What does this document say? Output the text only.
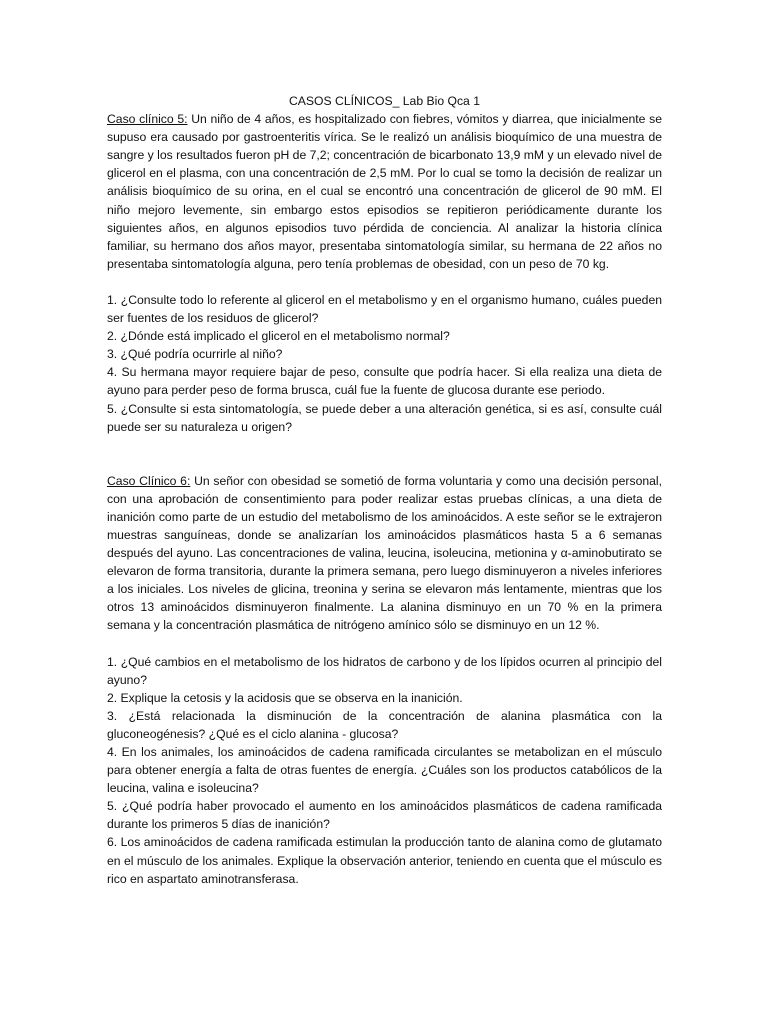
CASOS CLÍNICOS_ Lab Bio Qca 1

Caso clínico 5: Un niño de 4 años, es hospitalizado con fiebres, vómitos y diarrea, que inicialmente se supuso era causado por gastroenteritis vírica. Se le realizó un análisis bioquímico de una muestra de sangre y los resultados fueron pH de 7,2; concentración de bicarbonato 13,9 mM y un elevado nivel de glicerol en el plasma, con una concentración de 2,5 mM. Por lo cual se tomo la decisión de realizar un análisis bioquímico de su orina, en el cual se encontró una concentración de glicerol de 90 mM. El niño mejoro levemente, sin embargo estos episodios se repitieron periódicamente durante los siguientes años, en algunos episodios tuvo pérdida de conciencia. Al analizar la historia clínica familiar, su hermano dos años mayor, presentaba sintomatología similar, su hermana de 22 años no presentaba sintomatología alguna, pero tenía problemas de obesidad, con un peso de 70 kg.

1. ¿Consulte todo lo referente al glicerol en el metabolismo y en el organismo humano, cuáles pueden ser fuentes de los residuos de glicerol?
2. ¿Dónde está implicado el glicerol en el metabolismo normal?
3. ¿Qué podría ocurrirle al niño?
4. Su hermana mayor requiere bajar de peso, consulte que podría hacer. Si ella realiza una dieta de ayuno para perder peso de forma brusca, cuál fue la fuente de glucosa durante ese periodo.
5. ¿Consulte si esta sintomatología, se puede deber a una alteración genética, si es así, consulte cuál puede ser su naturaleza u origen?

Caso Clínico 6: Un señor con obesidad se sometió de forma voluntaria y como una decisión personal, con una aprobación de consentimiento para poder realizar estas pruebas clínicas, a una dieta de inanición como parte de un estudio del metabolismo de los aminoácidos. A este señor se le extrajeron muestras sanguíneas, donde se analizarían los aminoácidos plasmáticos hasta 5 a 6 semanas después del ayuno. Las concentraciones de valina, leucina, isoleucina, metionina y α-aminobutirato se elevaron de forma transitoria, durante la primera semana, pero luego disminuyeron a niveles inferiores a los iniciales. Los niveles de glicina, treonina y serina se elevaron más lentamente, mientras que los otros 13 aminoácidos disminuyeron finalmente. La alanina disminuyo en un 70 % en la primera semana y la concentración plasmática de nitrógeno amínico sólo se disminuyo en un 12 %.

1. ¿Qué cambios en el metabolismo de los hidratos de carbono y de los lípidos ocurren al principio del ayuno?
2. Explique la cetosis y la acidosis que se observa en la inanición.
3. ¿Está relacionada la disminución de la concentración de alanina plasmática con la gluconeogénesis? ¿Qué es el ciclo alanina - glucosa?
4. En los animales, los aminoácidos de cadena ramificada circulantes se metabolizan en el músculo para obtener energía a falta de otras fuentes de energía. ¿Cuáles son los productos catabólicos de la leucina, valina e isoleucina?
5. ¿Qué podría haber provocado el aumento en los aminoácidos plasmáticos de cadena ramificada durante los primeros 5 días de inanición?
6. Los aminoácidos de cadena ramificada estimulan la producción tanto de alanina como de glutamato en el músculo de los animales. Explique la observación anterior, teniendo en cuenta que el músculo es rico en aspartato aminotransferasa.
